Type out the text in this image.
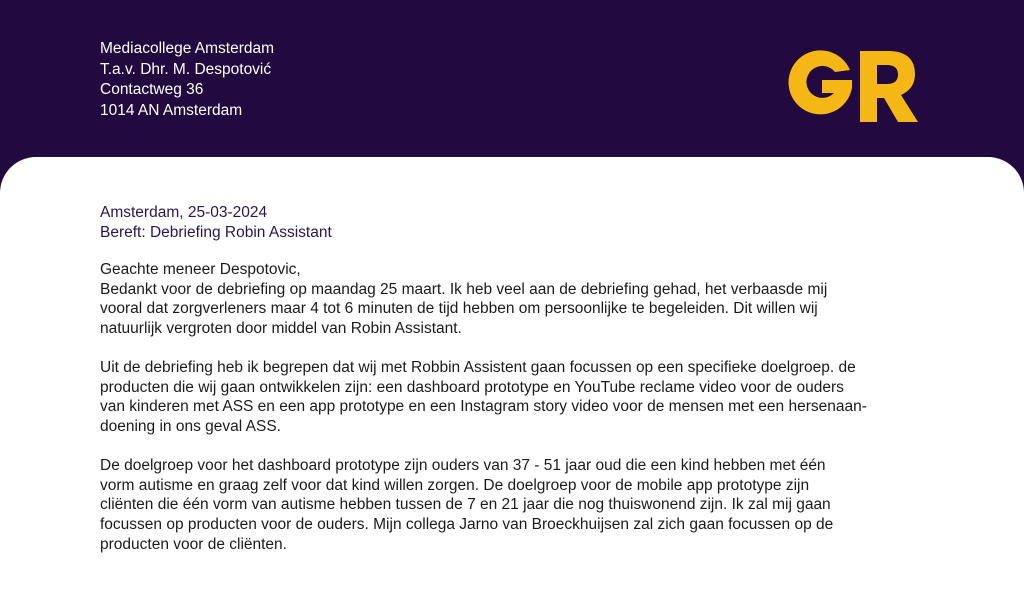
Mediacollege Amsterdam
T.a.v. Dhr. M. Despotović
Contactweg 36
1014 AN Amsterdam
Amsterdam, 25-03-2024
Bereft: Debriefing Robin Assistant
Geachte meneer Despotovic,
Bedankt voor de debriefing op maandag 25 maart. Ik heb veel aan de debriefing gehad, het verbaasde mij
vooral dat zorgverleners maar 4 tot 6 minuten de tijd hebben om persoonlijke te begeleiden. Dit willen wij
natuurlijk vergroten door middel van Robin Assistant.
Uit de debriefing heb ik begrepen dat wij met Robbin Assistent gaan focussen op een specifieke doelgroep. de
producten die wij gaan ontwikkelen zijn: een dashboard prototype en YouTube reclame video voor de ouders
van kinderen met ASS en een app prototype en een Instagram story video voor de mensen met een hersenaan-
doening in ons geval ASS.
De doelgroep voor het dashboard prototype zijn ouders van 37 - 51 jaar oud die een kind hebben met één
vorm autisme en graag zelf voor dat kind willen zorgen. De doelgroep voor de mobile app prototype zijn
cliënten die één vorm van autisme hebben tussen de 7 en 21 jaar die nog thuiswonend zijn. Ik zal mij gaan
focussen op producten voor de ouders. Mijn collega Jarno van Broeckhuijsen zal zich gaan focussen op de
producten voor de cliënten.
